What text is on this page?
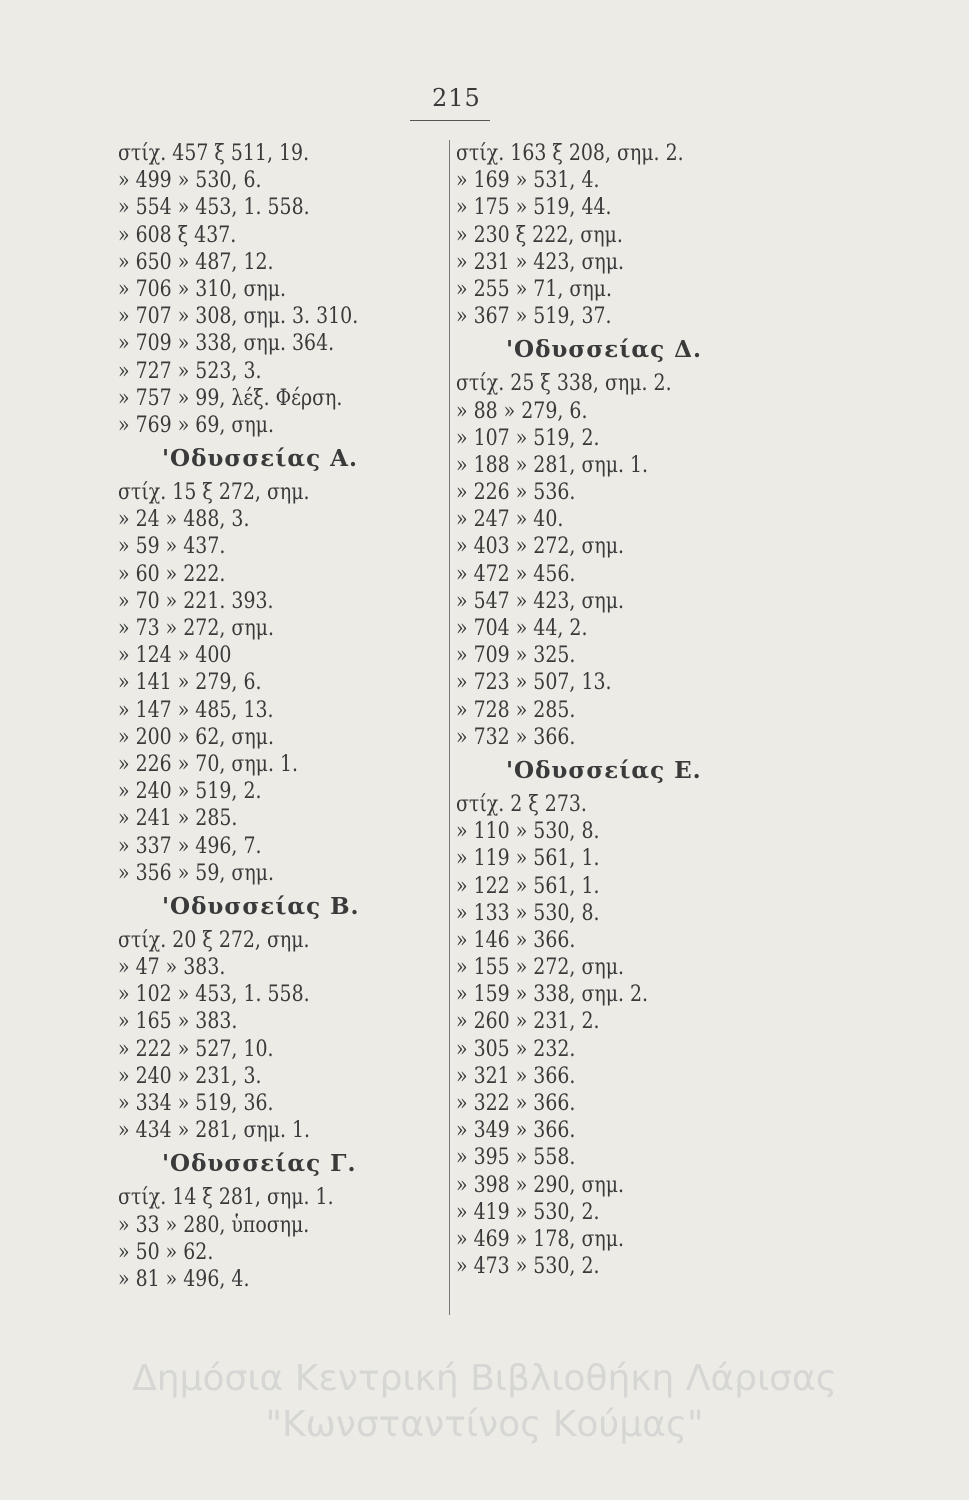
215
στίχ. 457 ξ 511, 19.
» 499 » 530, 6.
» 554 » 453, 1. 558.
» 608 ξ 437.
» 650 » 487, 12.
» 706 » 310, σημ.
» 707 » 308, σημ. 3. 310.
» 709 » 338, σημ. 364.
» 727 » 523, 3.
» 757 » 99, λέξ. Φέρση.
» 769 » 69, σημ.
'Οδυσσείας Α.
στίχ. 15 ξ 272, σημ.
» 24 » 488, 3.
» 59 » 437.
» 60 » 222.
» 70 » 221. 393.
» 73 » 272, σημ.
» 124 » 400
» 141 » 279, 6.
» 147 » 485, 13.
» 200 » 62, σημ.
» 226 » 70, σημ. 1.
» 240 » 519, 2.
» 241 » 285.
» 337 » 496, 7.
» 356 » 59, σημ.
'Οδυσσείας Β.
στίχ. 20 ξ 272, σημ.
» 47 » 383.
» 102 » 453, 1. 558.
» 165 » 383.
» 222 » 527, 10.
» 240 » 231, 3.
» 334 » 519, 36.
» 434 » 281, σημ. 1.
'Οδυσσείας Γ.
στίχ. 14 ξ 281, σημ. 1.
» 33 » 280, ὑποσημ.
» 50 » 62.
» 81 » 496, 4.
στίχ. 163 ξ 208, σημ. 2.
» 169 » 531, 4.
» 175 » 519, 44.
» 230 ξ 222, σημ.
» 231 » 423, σημ.
» 255 » 71, σημ.
» 367 » 519, 37.
'Οδυσσείας Δ.
στίχ. 25 ξ 338, σημ. 2.
» 88 » 279, 6.
» 107 » 519, 2.
» 188 » 281, σημ. 1.
» 226 » 536.
» 247 » 40.
» 403 » 272, σημ.
» 472 » 456.
» 547 » 423, σημ.
» 704 » 44, 2.
» 709 » 325.
» 723 » 507, 13.
» 728 » 285.
» 732 » 366.
'Οδυσσείας Ε.
στίχ. 2 ξ 273.
» 110 » 530, 8.
» 119 » 561, 1.
» 122 » 561, 1.
» 133 » 530, 8.
» 146 » 366.
» 155 » 272, σημ.
» 159 » 338, σημ. 2.
» 260 » 231, 2.
» 305 » 232.
» 321 » 366.
» 322 » 366.
» 349 » 366.
» 395 » 558.
» 398 » 290, σημ.
» 419 » 530, 2.
» 469 » 178, σημ.
» 473 » 530, 2.
Δημόσια Κεντρική Βιβλιοθήκη Λάρισας
"Κωνσταντίνος Κούμας"
